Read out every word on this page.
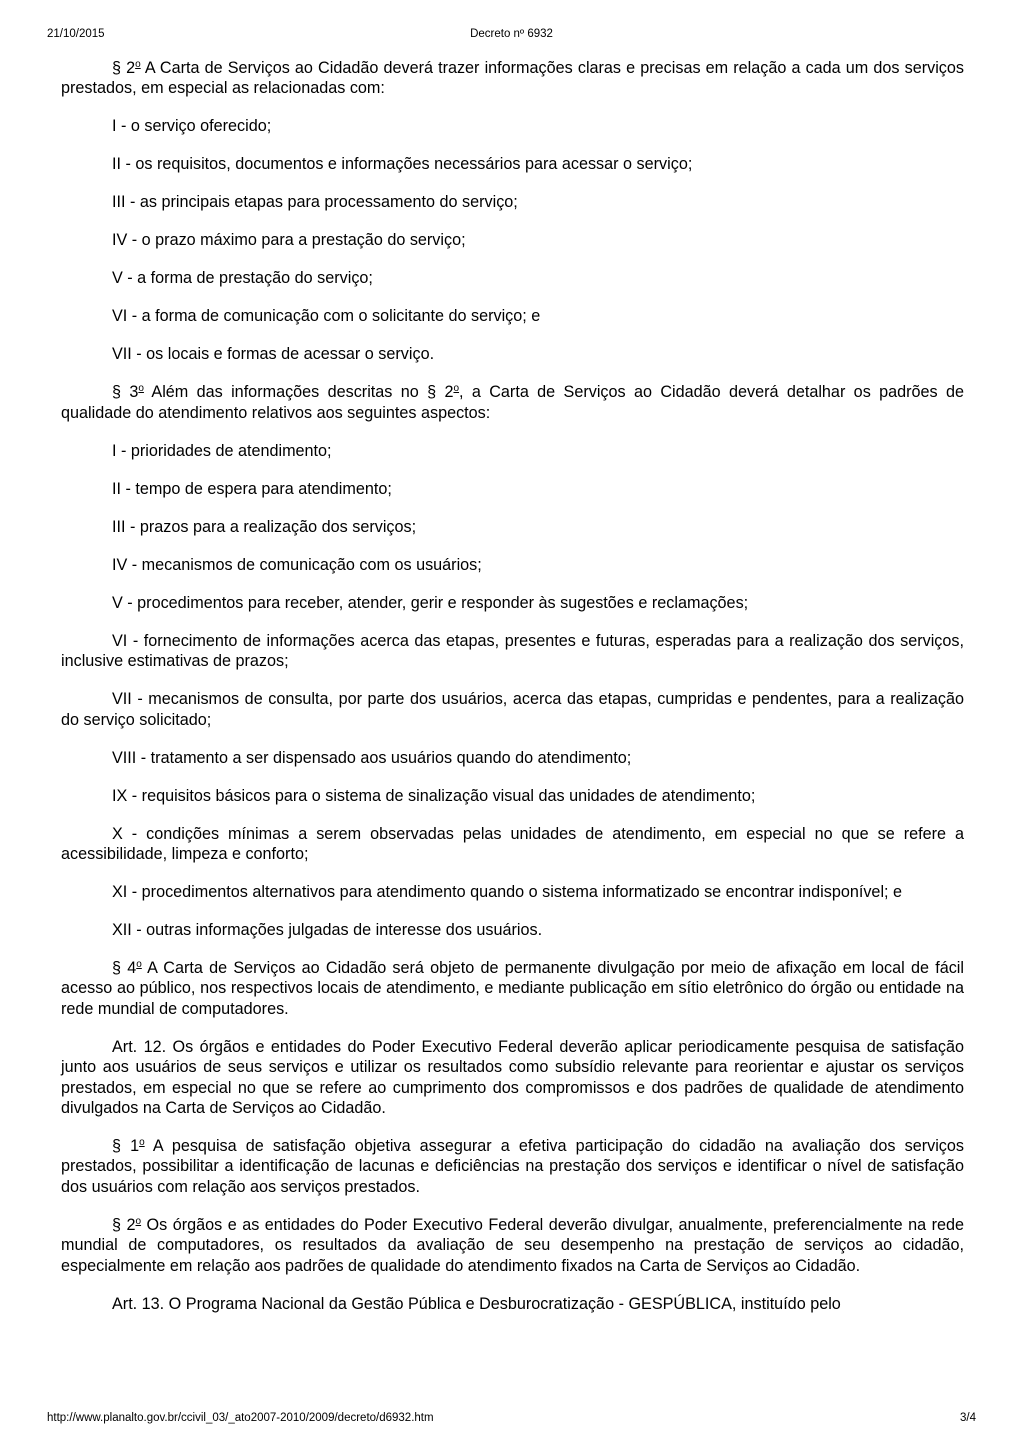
21/10/2015	Decreto nº 6932

§ 2$^o$ A Carta de Serviços ao Cidadão deverá trazer informações claras e precisas em relação a cada um dos serviços prestados, em especial as relacionadas com:

I - o serviço oferecido;

II - os requisitos, documentos e informações necessários para acessar o serviço;

III - as principais etapas para processamento do serviço;

IV - o prazo máximo para a prestação do serviço;

V - a forma de prestação do serviço;

VI - a forma de comunicação com o solicitante do serviço; e

VII - os locais e formas de acessar o serviço.

§ 3$^o$ Além das informações descritas no § 2$^o$, a Carta de Serviços ao Cidadão deverá detalhar os padrões de qualidade do atendimento relativos aos seguintes aspectos:

I - prioridades de atendimento;

II - tempo de espera para atendimento;

III - prazos para a realização dos serviços;

IV - mecanismos de comunicação com os usuários;

V - procedimentos para receber, atender, gerir e responder às sugestões e reclamações;

VI - fornecimento de informações acerca das etapas, presentes e futuras, esperadas para a realização dos serviços, inclusive estimativas de prazos;

VII - mecanismos de consulta, por parte dos usuários, acerca das etapas, cumpridas e pendentes, para a realização do serviço solicitado;

VIII - tratamento a ser dispensado aos usuários quando do atendimento;

IX - requisitos básicos para o sistema de sinalização visual das unidades de atendimento;

X - condições mínimas a serem observadas pelas unidades de atendimento, em especial no que se refere a acessibilidade, limpeza e conforto;

XI - procedimentos alternativos para atendimento quando o sistema informatizado se encontrar indisponível; e

XII - outras informações julgadas de interesse dos usuários.

§ 4$^o$ A Carta de Serviços ao Cidadão será objeto de permanente divulgação por meio de afixação em local de fácil acesso ao público, nos respectivos locais de atendimento, e mediante publicação em sítio eletrônico do órgão ou entidade na rede mundial de computadores.

Art. 12. Os órgãos e entidades do Poder Executivo Federal deverão aplicar periodicamente pesquisa de satisfação junto aos usuários de seus serviços e utilizar os resultados como subsídio relevante para reorientar e ajustar os serviços prestados, em especial no que se refere ao cumprimento dos compromissos e dos padrões de qualidade de atendimento divulgados na Carta de Serviços ao Cidadão.

§ 1$^o$ A pesquisa de satisfação objetiva assegurar a efetiva participação do cidadão na avaliação dos serviços prestados, possibilitar a identificação de lacunas e deficiências na prestação dos serviços e identificar o nível de satisfação dos usuários com relação aos serviços prestados.

§ 2$^o$ Os órgãos e as entidades do Poder Executivo Federal deverão divulgar, anualmente, preferencialmente na rede mundial de computadores, os resultados da avaliação de seu desempenho na prestação de serviços ao cidadão, especialmente em relação aos padrões de qualidade do atendimento fixados na Carta de Serviços ao Cidadão.

Art. 13. O Programa Nacional da Gestão Pública e Desburocratização - GESPÚBLICA, instituído pelo

http://www.planalto.gov.br/ccivil_03/_ato2007-2010/2009/decreto/d6932.htm	3/4
